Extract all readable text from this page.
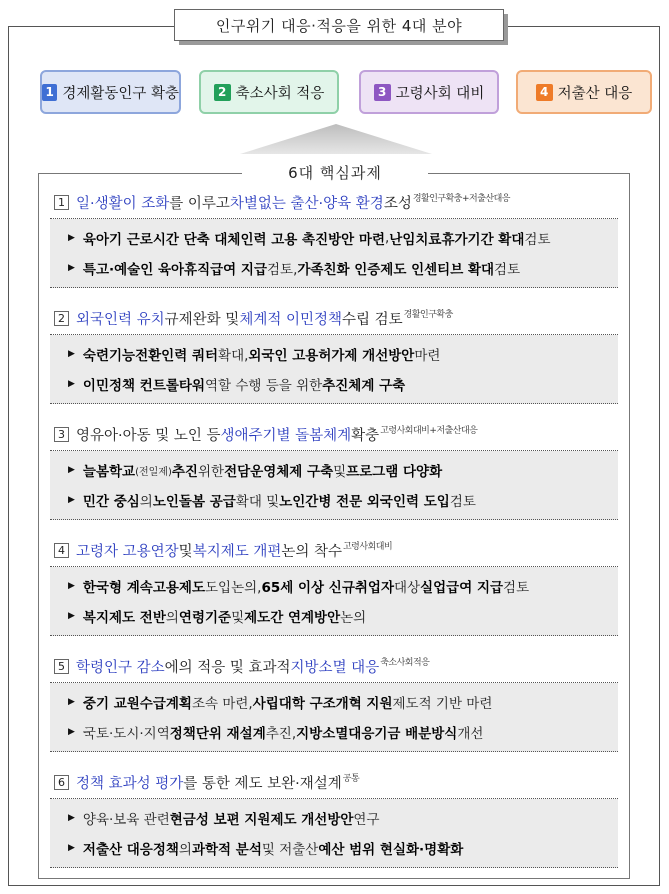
인구위기 대응·적응을 위한 4대 분야
1 경제활동인구 확충	2 축소사회 적응	3 고령사회 대비	4 저출산 대응
6대 핵심과제
1 일·생활이 조화 를 이루고 차별없는 출산·양육 환경 조성 경활인구확충+저출산대응
▶ 육아기 근로시간 단축 대체인력 고용 촉진방안 마련 , 난임치료휴가기간 확대 검토
▶ 특고·예술인 육아휴직급여 지급 검토, 가족친화 인증제도 인센티브 확대 검토
2 외국인력 유치 규제완화 및 체계적 이민정책 수립 검토 경활인구확충
▶ 숙련기능전환인력 쿼터 확대, 외국인 고용허가제 개선방안 마련
▶ 이민정책 컨트롤타워 역할 수행 등을 위한 추진체계 구축
3 영유아·아동 및 노인 등 생애주기별 돌봄체계 확충 고령사회대비+저출산대응
▶ 늘봄학교 (전일제) 추진 위한 전담운영체제 구축 및 프로그램 다양화
▶ 민간 중심 의 노인돌봄 공급 확대 및 노인간병 전문 외국인력 도입 검토
4 고령자 고용연장 및 복지제도 개편 논의 착수 고령사회대비
▶ 한국형 계속고용제도 도입논의, 65세 이상 신규취업자 대상 실업급여 지급 검토
▶ 복지제도 전반 의 연령기준 및 제도간 연계방안 논의
5 학령인구 감소 에의 적응 및 효과적 지방소멸 대응 축소사회적응
▶ 중기 교원수급계획 조속 마련, 사립대학 구조개혁 지원 제도적 기반 마련
▶ 국토·도시·지역 정책단위 재설계 추진, 지방소멸대응기금 배분방식 개선
6 정책 효과성 평가 를 통한 제도 보완·재설계 공통
▶ 양육·보육 관련 현금성 보편 지원제도 개선방안 연구
▶ 저출산 대응정책 의 과학적 분석 및 저출산 예산 범위 현실화·명확화
